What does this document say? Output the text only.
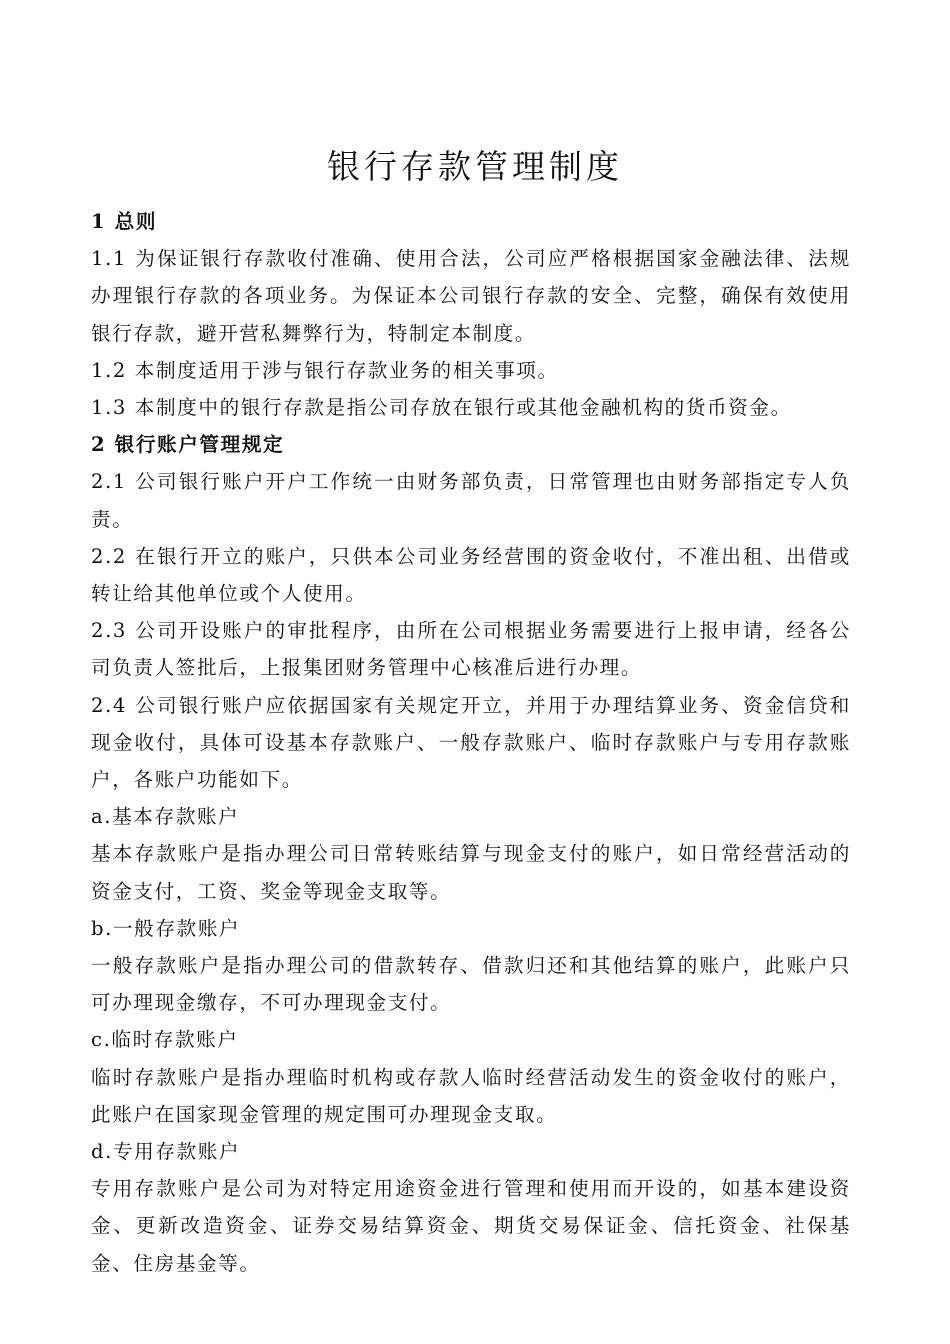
银行存款管理制度

1 总则

1.1 为保证银行存款收付准确、使用合法，公司应严格根据国家金融法律、法规办理银行存款的各项业务。为保证本公司银行存款的安全、完整，确保有效使用银行存款，避开营私舞弊行为，特制定本制度。

1.2 本制度适用于涉与银行存款业务的相关事项。

1.3 本制度中的银行存款是指公司存放在银行或其他金融机构的货币资金。

2 银行账户管理规定

2.1 公司银行账户开户工作统一由财务部负责，日常管理也由财务部指定专人负责。

2.2 在银行开立的账户，只供本公司业务经营围的资金收付，不准出租、出借或转让给其他单位或个人使用。

2.3 公司开设账户的审批程序，由所在公司根据业务需要进行上报申请，经各公司负责人签批后，上报集团财务管理中心核准后进行办理。

2.4 公司银行账户应依据国家有关规定开立，并用于办理结算业务、资金信贷和现金收付，具体可设基本存款账户、一般存款账户、临时存款账户与专用存款账户，各账户功能如下。

a.基本存款账户

基本存款账户是指办理公司日常转账结算与现金支付的账户，如日常经营活动的资金支付，工资、奖金等现金支取等。

b.一般存款账户

一般存款账户是指办理公司的借款转存、借款归还和其他结算的账户，此账户只可办理现金缴存，不可办理现金支付。

c.临时存款账户

临时存款账户是指办理临时机构或存款人临时经营活动发生的资金收付的账户，此账户在国家现金管理的规定围可办理现金支取。

d.专用存款账户

专用存款账户是公司为对特定用途资金进行管理和使用而开设的，如基本建设资金、更新改造资金、证券交易结算资金、期货交易保证金、信托资金、社保基金、住房基金等。
